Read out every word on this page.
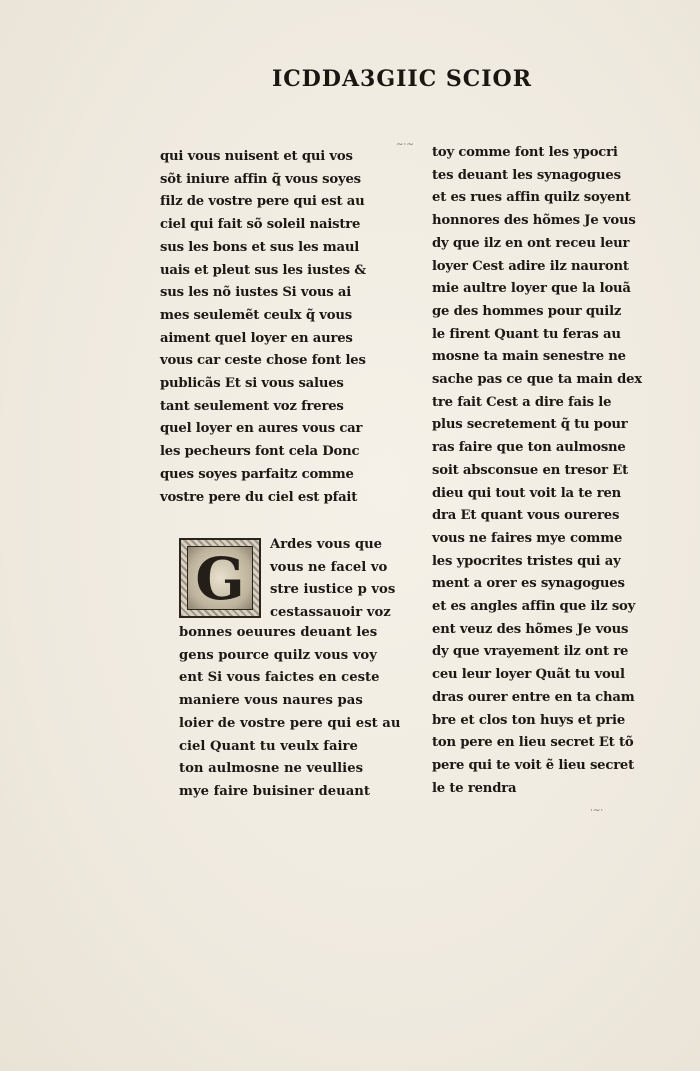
ICDDA3GIIC SCIOR
~·~
·~·
qui vous nuisent et qui vos
sõt iniure affin q̃ vous soyes
filz de vostre pere qui est au
ciel qui fait sõ soleil naistre
sus les bons et sus les maul
uais et pleut sus les iustes &
sus les nõ iustes Si vous ai
mes seulemẽt ceulx q̃ vous
aiment quel loyer en aures
vous car ceste chose font les
publicãs Et si vous salues
tant seulement voz freres
quel loyer en aures vous car
les pecheurs font cela Donc
ques soyes parfaitz comme
vostre pere du ciel est pfait
G
Ardes vous que
vous ne facel vo
stre iustice p vos
cestassauoir voz
bonnes oeuures deuant les
gens pource quilz vous voy
ent Si vous faictes en ceste
maniere vous naures pas
loier de vostre pere qui est au
ciel Quant tu veulx faire
ton aulmosne ne veullies
mye faire buisiner deuant
toy comme font les ypocri
tes deuant les synagogues
et es rues affin quilz soyent
honnores des hõmes Je vous
dy que ilz en ont receu leur
loyer Cest adire ilz nauront
mie aultre loyer que la louã
ge des hommes pour quilz
le firent Quant tu feras au
mosne ta main senestre ne
sache pas ce que ta main dex
tre fait Cest a dire fais le
plus secretement q̃ tu pour
ras faire que ton aulmosne
soit absconsue en tresor Et
dieu qui tout voit la te ren
dra Et quant vous oureres
vous ne faires mye comme
les ypocrites tristes qui ay
ment a orer es synagogues
et es angles affin que ilz soy
ent veuz des hõmes Je vous
dy que vrayement ilz ont re
ceu leur loyer Quãt tu voul
dras ourer entre en ta cham
bre et clos ton huys et prie
ton pere en lieu secret Et tõ
pere qui te voit ẽ lieu secret
le te rendra
